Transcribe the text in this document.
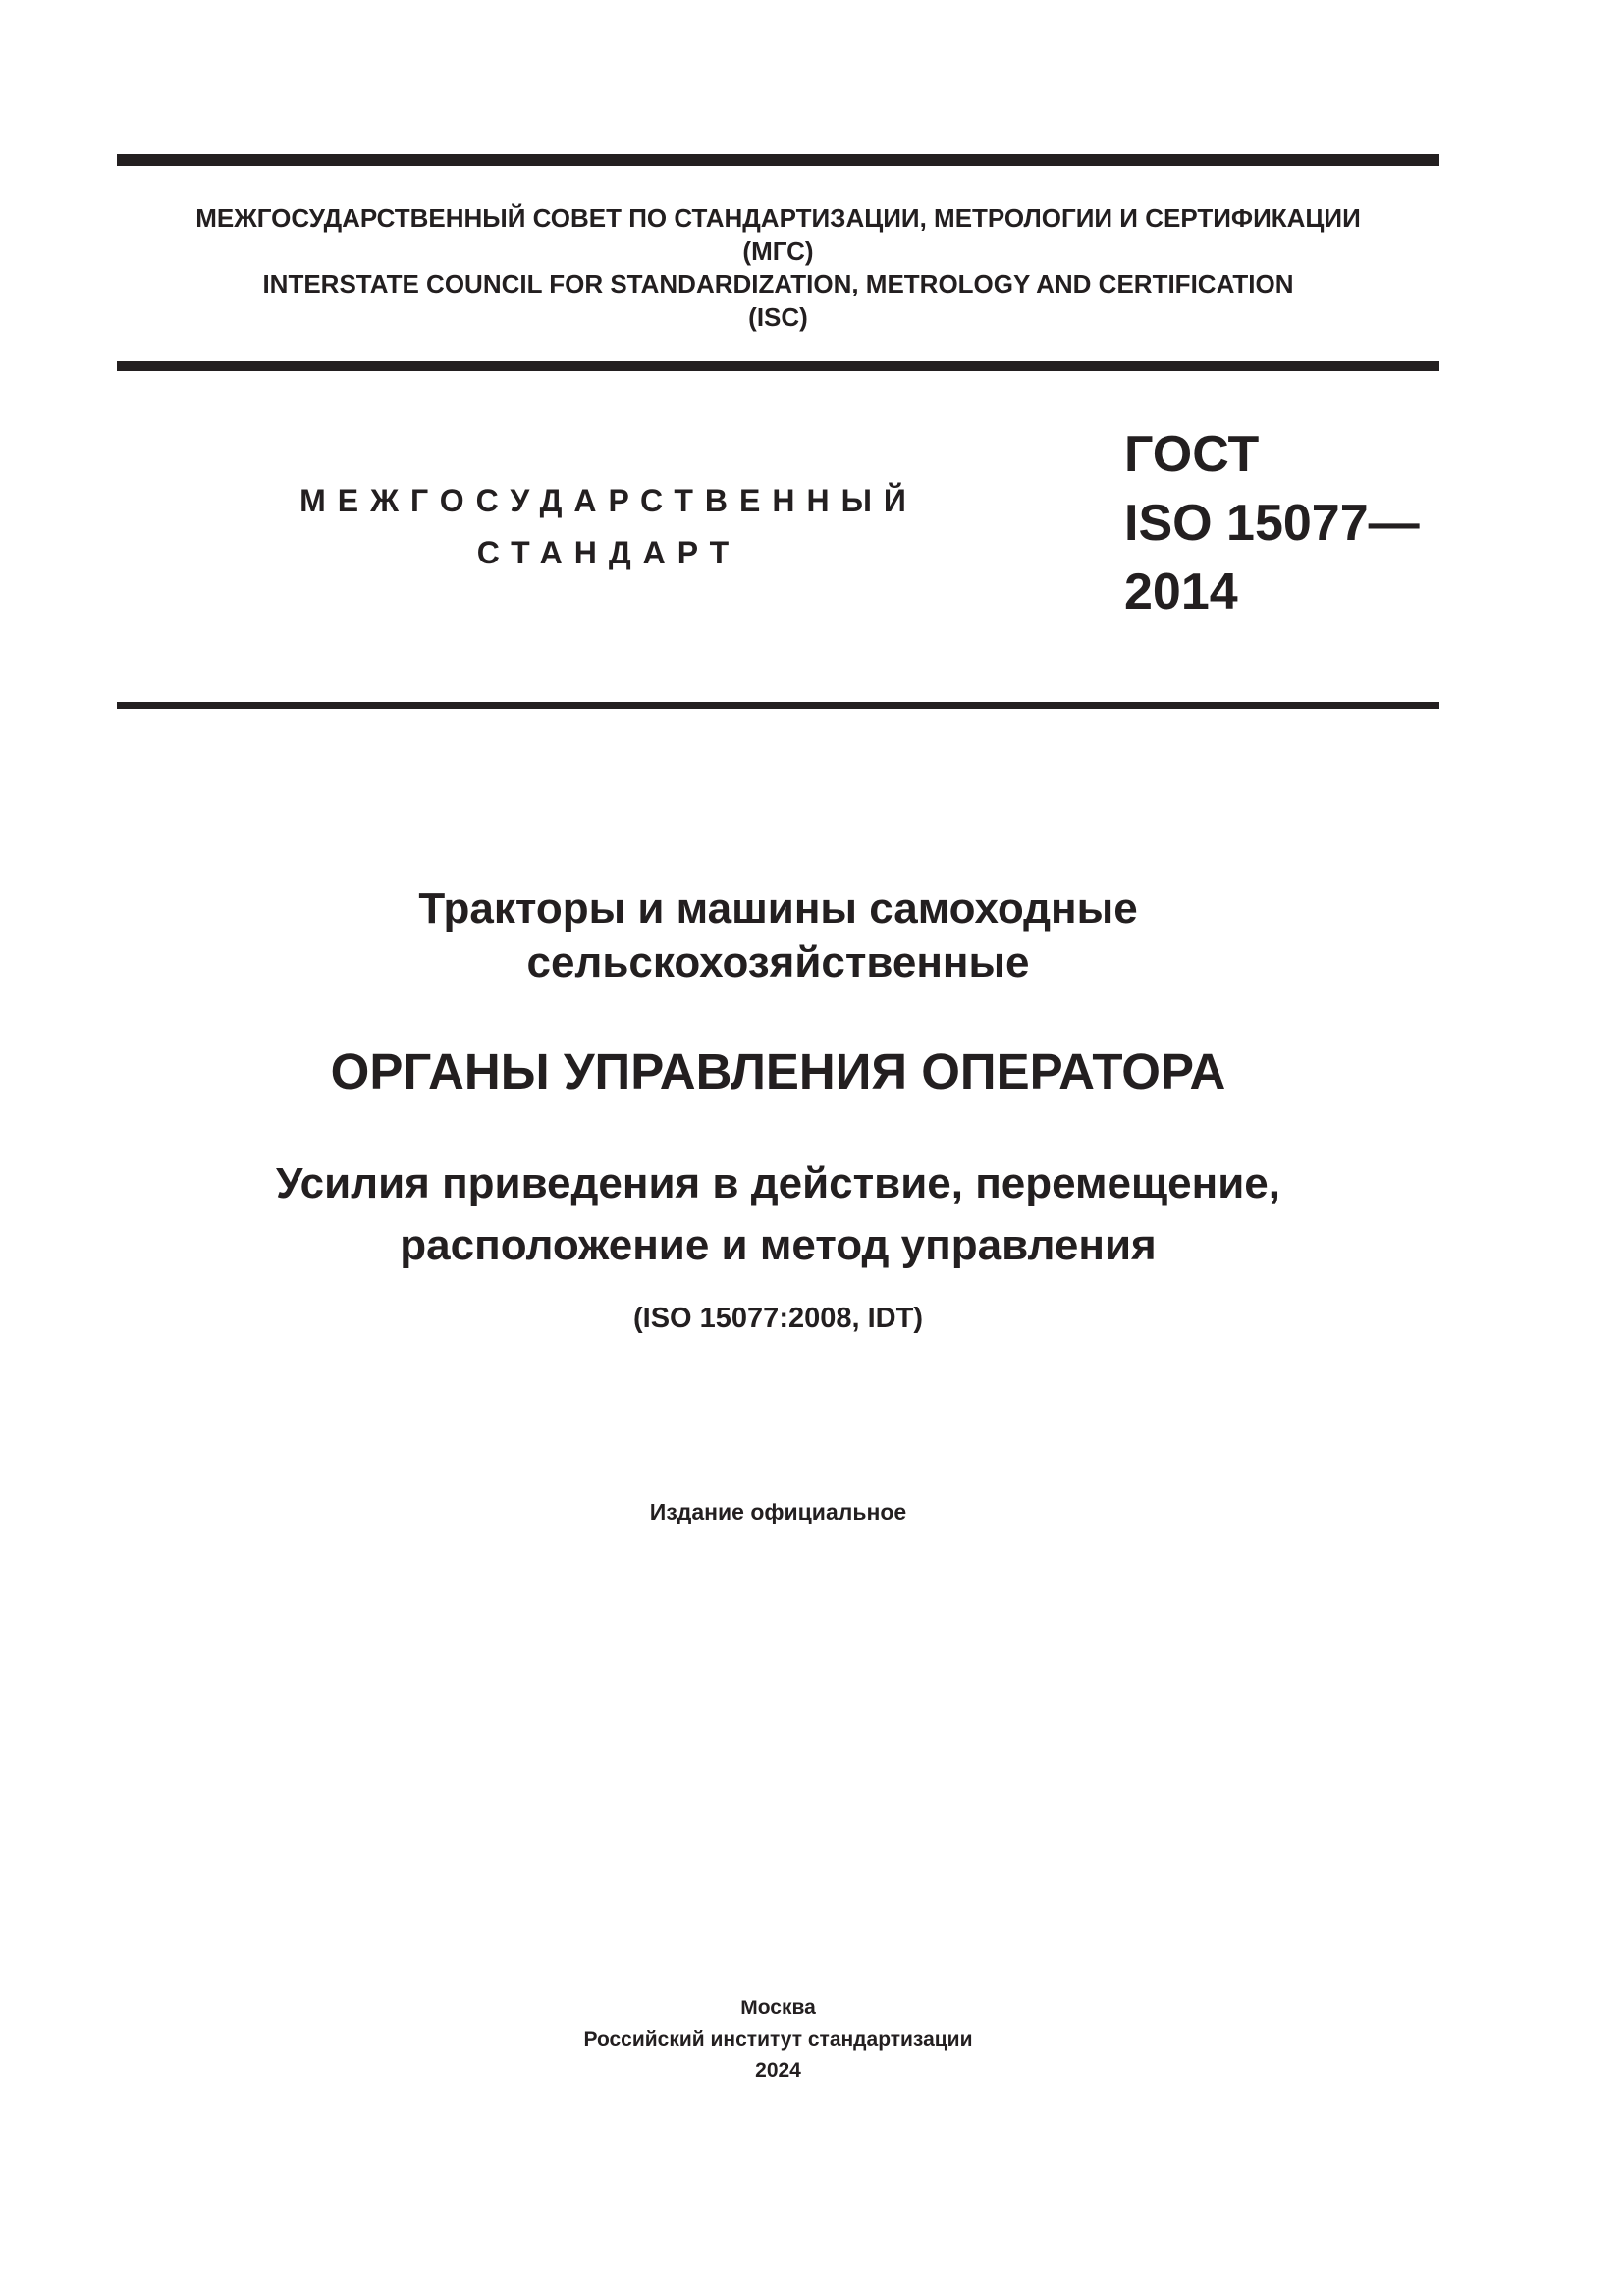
МЕЖГОСУДАРСТВЕННЫЙ СОВЕТ ПО СТАНДАРТИЗАЦИИ, МЕТРОЛОГИИ И СЕРТИФИКАЦИИ
(МГС)
INTERSTATE COUNCIL FOR STANDARDIZATION, METROLOGY AND CERTIFICATION
(ISC)
МЕЖГОСУДАРСТВЕННЫЙ
СТАНДАРТ
ГОСТ
ISO 15077—
2014
Тракторы и машины самоходные
сельскохозяйственные
ОРГАНЫ УПРАВЛЕНИЯ ОПЕРАТОРА
Усилия приведения в действие, перемещение,
расположение и метод управления
(ISO 15077:2008, IDT)
Издание официальное
Москва
Российский институт стандартизации
2024
